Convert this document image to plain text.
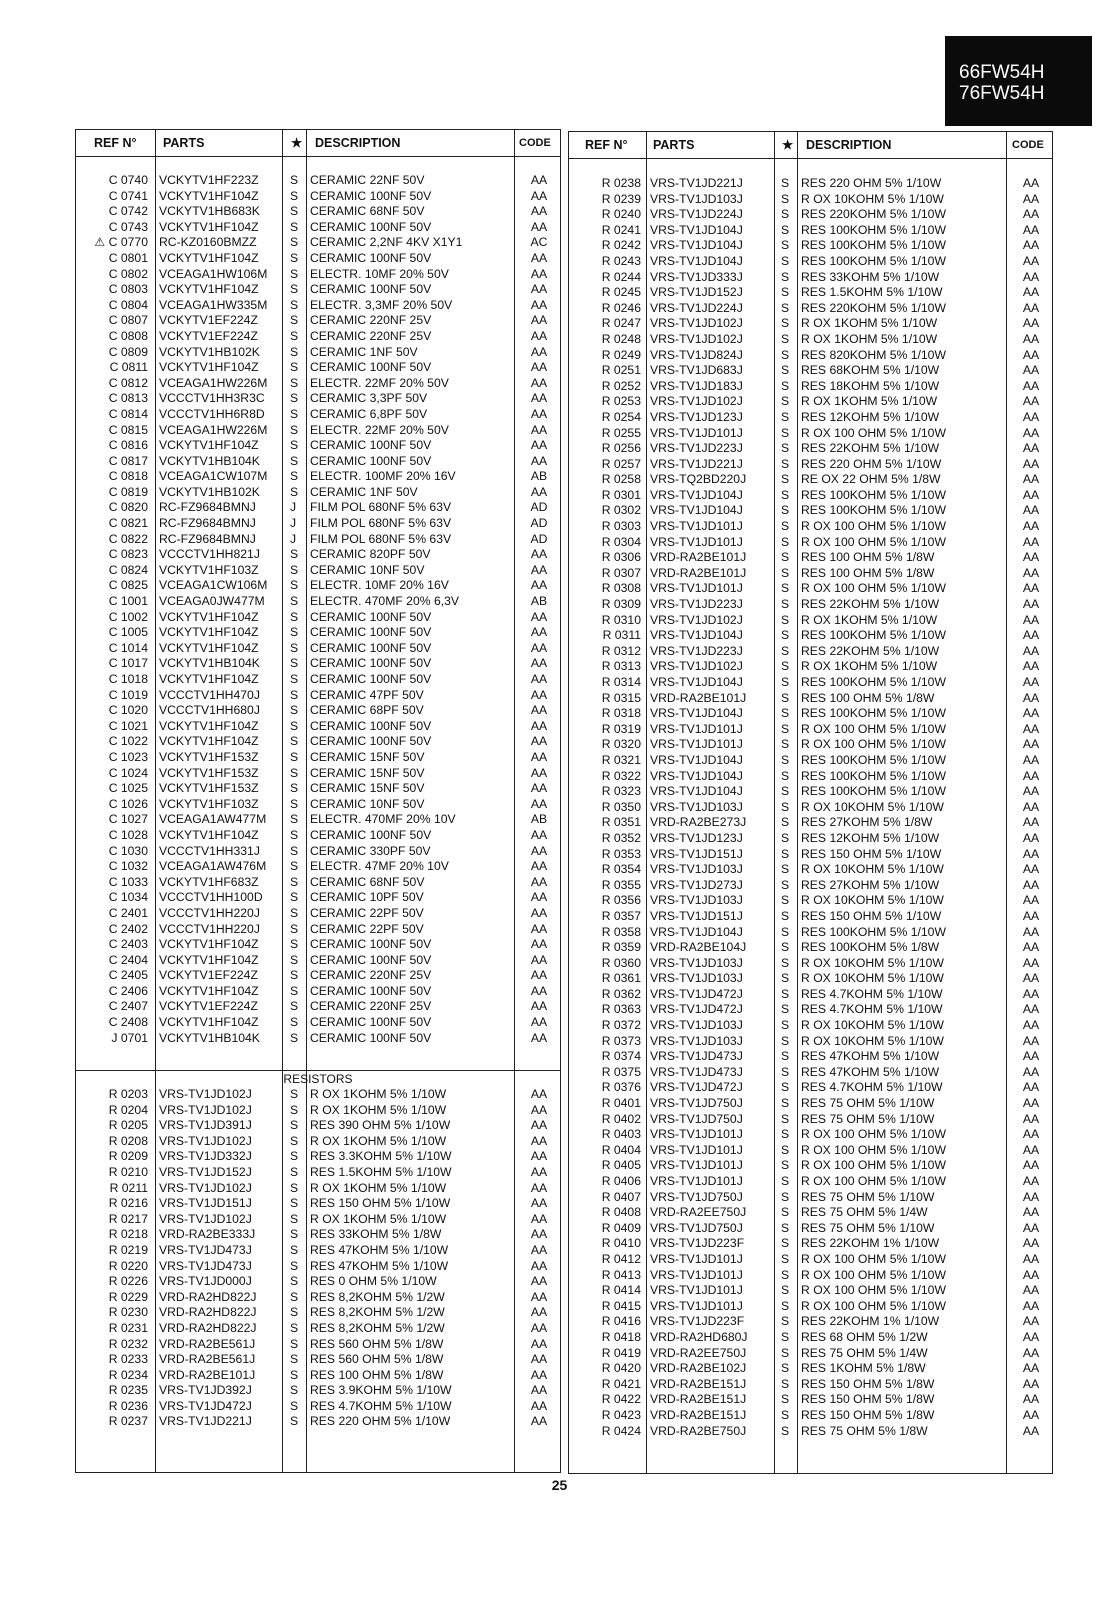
66FW54H
76FW54H
REF N° PARTS	★ DESCRIPTION	CODE
C 0740 VCKYTV1HF223Z	S CERAMIC 22NF 50V	AA
C 0741 VCKYTV1HF104Z	S CERAMIC 100NF 50V	AA
C 0742 VCKYTV1HB683K S CERAMIC 68NF 50V	AA
C 0743 VCKYTV1HF104Z	S CERAMIC 100NF 50V	AA
⚠ C 0770 RC-KZ0160BMZZ	S CERAMIC 2,2NF 4KV X1Y1	AC
C 0801 VCKYTV1HF104Z	S CERAMIC 100NF 50V	AA
C 0802 VCEAGA1HW106M S ELECTR. 10MF 20% 50V	AA
C 0803 VCKYTV1HF104Z	S CERAMIC 100NF 50V	AA
C 0804 VCEAGA1HW335M S ELECTR. 3,3MF 20% 50V	AA
C 0807 VCKYTV1EF224Z	S CERAMIC 220NF 25V	AA
C 0808 VCKYTV1EF224Z	S CERAMIC 220NF 25V	AA
C 0809 VCKYTV1HB102K S CERAMIC 1NF 50V	AA
C 0811 VCKYTV1HF104Z	S CERAMIC 100NF 50V	AA
C 0812 VCEAGA1HW226M S ELECTR. 22MF 20% 50V	AA
C 0813 VCCCTV1HH3R3C S CERAMIC 3,3PF 50V	AA
C 0814 VCCCTV1HH6R8D S CERAMIC 6,8PF 50V	AA
C 0815 VCEAGA1HW226M S ELECTR. 22MF 20% 50V	AA
C 0816 VCKYTV1HF104Z	S CERAMIC 100NF 50V	AA
C 0817 VCKYTV1HB104K S CERAMIC 100NF 50V	AA
C 0818 VCEAGA1CW107M S ELECTR. 100MF 20% 16V	AB
C 0819 VCKYTV1HB102K S CERAMIC 1NF 50V	AA
C 0820 RC-FZ9684BMNJ	J FILM POL 680NF 5% 63V	AD
C 0821 RC-FZ9684BMNJ	J FILM POL 680NF 5% 63V	AD
C 0822 RC-FZ9684BMNJ	J FILM POL 680NF 5% 63V	AD
C 0823 VCCCTV1HH821J S CERAMIC 820PF 50V	AA
C 0824 VCKYTV1HF103Z	S CERAMIC 10NF 50V	AA
C 0825 VCEAGA1CW106M S ELECTR. 10MF 20% 16V	AA
C 1001 VCEAGA0JW477M S ELECTR. 470MF 20% 6,3V	AB
C 1002 VCKYTV1HF104Z	S CERAMIC 100NF 50V	AA
C 1005 VCKYTV1HF104Z	S CERAMIC 100NF 50V	AA
C 1014 VCKYTV1HF104Z	S CERAMIC 100NF 50V	AA
C 1017 VCKYTV1HB104K S CERAMIC 100NF 50V	AA
C 1018 VCKYTV1HF104Z	S CERAMIC 100NF 50V	AA
C 1019 VCCCTV1HH470J S CERAMIC 47PF 50V	AA
C 1020 VCCCTV1HH680J S CERAMIC 68PF 50V	AA
C 1021 VCKYTV1HF104Z	S CERAMIC 100NF 50V	AA
C 1022 VCKYTV1HF104Z	S CERAMIC 100NF 50V	AA
C 1023 VCKYTV1HF153Z	S CERAMIC 15NF 50V	AA
C 1024 VCKYTV1HF153Z	S CERAMIC 15NF 50V	AA
C 1025 VCKYTV1HF153Z	S CERAMIC 15NF 50V	AA
C 1026 VCKYTV1HF103Z	S CERAMIC 10NF 50V	AA
C 1027 VCEAGA1AW477M S ELECTR. 470MF 20% 10V	AB
C 1028 VCKYTV1HF104Z	S CERAMIC 100NF 50V	AA
C 1030 VCCCTV1HH331J S CERAMIC 330PF 50V	AA
C 1032 VCEAGA1AW476M S ELECTR. 47MF 20% 10V	AA
C 1033 VCKYTV1HF683Z	S CERAMIC 68NF 50V	AA
C 1034 VCCCTV1HH100D S CERAMIC 10PF 50V	AA
C 2401 VCCCTV1HH220J S CERAMIC 22PF 50V	AA
C 2402 VCCCTV1HH220J S CERAMIC 22PF 50V	AA
C 2403 VCKYTV1HF104Z	S CERAMIC 100NF 50V	AA
C 2404 VCKYTV1HF104Z	S CERAMIC 100NF 50V	AA
C 2405 VCKYTV1EF224Z	S CERAMIC 220NF 25V	AA
C 2406 VCKYTV1HF104Z	S CERAMIC 100NF 50V	AA
C 2407 VCKYTV1EF224Z	S CERAMIC 220NF 25V	AA
C 2408 VCKYTV1HF104Z	S CERAMIC 100NF 50V	AA
J 0701 VCKYTV1HB104K S CERAMIC 100NF 50V	AA
RESISTORS
R 0203 VRS-TV1JD102J	S R OX 1KOHM 5% 1/10W	AA
R 0204 VRS-TV1JD102J	S R OX 1KOHM 5% 1/10W	AA
R 0205 VRS-TV1JD391J	S RES 390 OHM 5% 1/10W	AA
R 0208 VRS-TV1JD102J	S R OX 1KOHM 5% 1/10W	AA
R 0209 VRS-TV1JD332J	S RES 3.3KOHM 5% 1/10W	AA
R 0210 VRS-TV1JD152J	S RES 1.5KOHM 5% 1/10W	AA
R 0211 VRS-TV1JD102J	S R OX 1KOHM 5% 1/10W	AA
R 0216 VRS-TV1JD151J	S RES 150 OHM 5% 1/10W	AA
R 0217 VRS-TV1JD102J	S R OX 1KOHM 5% 1/10W	AA
R 0218 VRD-RA2BE333J	S RES 33KOHM 5% 1/8W	AA
R 0219 VRS-TV1JD473J	S RES 47KOHM 5% 1/10W	AA
R 0220 VRS-TV1JD473J	S RES 47KOHM 5% 1/10W	AA
R 0226 VRS-TV1JD000J	S RES 0 OHM 5% 1/10W	AA
R 0229 VRD-RA2HD822J	S RES 8,2KOHM 5% 1/2W	AA
R 0230 VRD-RA2HD822J	S RES 8,2KOHM 5% 1/2W	AA
R 0231 VRD-RA2HD822J	S RES 8,2KOHM 5% 1/2W	AA
R 0232 VRD-RA2BE561J	S RES 560 OHM 5% 1/8W	AA
R 0233 VRD-RA2BE561J	S RES 560 OHM 5% 1/8W	AA
R 0234 VRD-RA2BE101J	S RES 100 OHM 5% 1/8W	AA
R 0235 VRS-TV1JD392J	S RES 3.9KOHM 5% 1/10W	AA
R 0236 VRS-TV1JD472J	S RES 4.7KOHM 5% 1/10W	AA
R 0237 VRS-TV1JD221J	S RES 220 OHM 5% 1/10W	AA
REF N° PARTS	★ DESCRIPTION	CODE
R 0238 VRS-TV1JD221J	S RES 220 OHM 5% 1/10W	AA
R 0239 VRS-TV1JD103J	S R OX 10KOHM 5% 1/10W	AA
R 0240 VRS-TV1JD224J	S RES 220KOHM 5% 1/10W	AA
R 0241 VRS-TV1JD104J	S RES 100KOHM 5% 1/10W	AA
R 0242 VRS-TV1JD104J	S RES 100KOHM 5% 1/10W	AA
R 0243 VRS-TV1JD104J	S RES 100KOHM 5% 1/10W	AA
R 0244 VRS-TV1JD333J	S RES 33KOHM 5% 1/10W	AA
R 0245 VRS-TV1JD152J	S RES 1.5KOHM 5% 1/10W	AA
R 0246 VRS-TV1JD224J	S RES 220KOHM 5% 1/10W	AA
R 0247 VRS-TV1JD102J	S R OX 1KOHM 5% 1/10W	AA
R 0248 VRS-TV1JD102J	S R OX 1KOHM 5% 1/10W	AA
R 0249 VRS-TV1JD824J	S RES 820KOHM 5% 1/10W	AA
R 0251 VRS-TV1JD683J	S RES 68KOHM 5% 1/10W	AA
R 0252 VRS-TV1JD183J	S RES 18KOHM 5% 1/10W	AA
R 0253 VRS-TV1JD102J	S R OX 1KOHM 5% 1/10W	AA
R 0254 VRS-TV1JD123J	S RES 12KOHM 5% 1/10W	AA
R 0255 VRS-TV1JD101J	S R OX 100 OHM 5% 1/10W	AA
R 0256 VRS-TV1JD223J	S RES 22KOHM 5% 1/10W	AA
R 0257 VRS-TV1JD221J	S RES 220 OHM 5% 1/10W	AA
R 0258 VRS-TQ2BD220J	S RE OX 22 OHM 5% 1/8W	AA
R 0301 VRS-TV1JD104J	S RES 100KOHM 5% 1/10W	AA
R 0302 VRS-TV1JD104J	S RES 100KOHM 5% 1/10W	AA
R 0303 VRS-TV1JD101J	S R OX 100 OHM 5% 1/10W	AA
R 0304 VRS-TV1JD101J	S R OX 100 OHM 5% 1/10W	AA
R 0306 VRD-RA2BE101J	S RES 100 OHM 5% 1/8W	AA
R 0307 VRD-RA2BE101J	S RES 100 OHM 5% 1/8W	AA
R 0308 VRS-TV1JD101J	S R OX 100 OHM 5% 1/10W	AA
R 0309 VRS-TV1JD223J	S RES 22KOHM 5% 1/10W	AA
R 0310 VRS-TV1JD102J	S R OX 1KOHM 5% 1/10W	AA
R 0311 VRS-TV1JD104J	S RES 100KOHM 5% 1/10W	AA
R 0312 VRS-TV1JD223J	S RES 22KOHM 5% 1/10W	AA
R 0313 VRS-TV1JD102J	S R OX 1KOHM 5% 1/10W	AA
R 0314 VRS-TV1JD104J	S RES 100KOHM 5% 1/10W	AA
R 0315 VRD-RA2BE101J	S RES 100 OHM 5% 1/8W	AA
R 0318 VRS-TV1JD104J	S RES 100KOHM 5% 1/10W	AA
R 0319 VRS-TV1JD101J	S R OX 100 OHM 5% 1/10W	AA
R 0320 VRS-TV1JD101J	S R OX 100 OHM 5% 1/10W	AA
R 0321 VRS-TV1JD104J	S RES 100KOHM 5% 1/10W	AA
R 0322 VRS-TV1JD104J	S RES 100KOHM 5% 1/10W	AA
R 0323 VRS-TV1JD104J	S RES 100KOHM 5% 1/10W	AA
R 0350 VRS-TV1JD103J	S R OX 10KOHM 5% 1/10W	AA
R 0351 VRD-RA2BE273J	S RES 27KOHM 5% 1/8W	AA
R 0352 VRS-TV1JD123J	S RES 12KOHM 5% 1/10W	AA
R 0353 VRS-TV1JD151J	S RES 150 OHM 5% 1/10W	AA
R 0354 VRS-TV1JD103J	S R OX 10KOHM 5% 1/10W	AA
R 0355 VRS-TV1JD273J	S RES 27KOHM 5% 1/10W	AA
R 0356 VRS-TV1JD103J	S R OX 10KOHM 5% 1/10W	AA
R 0357 VRS-TV1JD151J	S RES 150 OHM 5% 1/10W	AA
R 0358 VRS-TV1JD104J	S RES 100KOHM 5% 1/10W	AA
R 0359 VRD-RA2BE104J	S RES 100KOHM 5% 1/8W	AA
R 0360 VRS-TV1JD103J	S R OX 10KOHM 5% 1/10W	AA
R 0361 VRS-TV1JD103J	S R OX 10KOHM 5% 1/10W	AA
R 0362 VRS-TV1JD472J	S RES 4.7KOHM 5% 1/10W	AA
R 0363 VRS-TV1JD472J	S RES 4.7KOHM 5% 1/10W	AA
R 0372 VRS-TV1JD103J	S R OX 10KOHM 5% 1/10W	AA
R 0373 VRS-TV1JD103J	S R OX 10KOHM 5% 1/10W	AA
R 0374 VRS-TV1JD473J	S RES 47KOHM 5% 1/10W	AA
R 0375 VRS-TV1JD473J	S RES 47KOHM 5% 1/10W	AA
R 0376 VRS-TV1JD472J	S RES 4.7KOHM 5% 1/10W	AA
R 0401 VRS-TV1JD750J	S RES 75 OHM 5% 1/10W	AA
R 0402 VRS-TV1JD750J	S RES 75 OHM 5% 1/10W	AA
R 0403 VRS-TV1JD101J	S R OX 100 OHM 5% 1/10W	AA
R 0404 VRS-TV1JD101J	S R OX 100 OHM 5% 1/10W	AA
R 0405 VRS-TV1JD101J	S R OX 100 OHM 5% 1/10W	AA
R 0406 VRS-TV1JD101J	S R OX 100 OHM 5% 1/10W	AA
R 0407 VRS-TV1JD750J	S RES 75 OHM 5% 1/10W	AA
R 0408 VRD-RA2EE750J	S RES 75 OHM 5% 1/4W	AA
R 0409 VRS-TV1JD750J	S RES 75 OHM 5% 1/10W	AA
R 0410 VRS-TV1JD223F	S RES 22KOHM 1% 1/10W	AA
R 0412 VRS-TV1JD101J	S R OX 100 OHM 5% 1/10W	AA
R 0413 VRS-TV1JD101J	S R OX 100 OHM 5% 1/10W	AA
R 0414 VRS-TV1JD101J	S R OX 100 OHM 5% 1/10W	AA
R 0415 VRS-TV1JD101J	S R OX 100 OHM 5% 1/10W	AA
R 0416 VRS-TV1JD223F	S RES 22KOHM 1% 1/10W	AA
R 0418 VRD-RA2HD680J	S RES 68 OHM 5% 1/2W	AA
R 0419 VRD-RA2EE750J	S RES 75 OHM 5% 1/4W	AA
R 0420 VRD-RA2BE102J	S RES 1KOHM 5% 1/8W	AA
R 0421 VRD-RA2BE151J	S RES 150 OHM 5% 1/8W	AA
R 0422 VRD-RA2BE151J	S RES 150 OHM 5% 1/8W	AA
R 0423 VRD-RA2BE151J	S RES 150 OHM 5% 1/8W	AA
R 0424 VRD-RA2BE750J	S RES 75 OHM 5% 1/8W	AA
25
